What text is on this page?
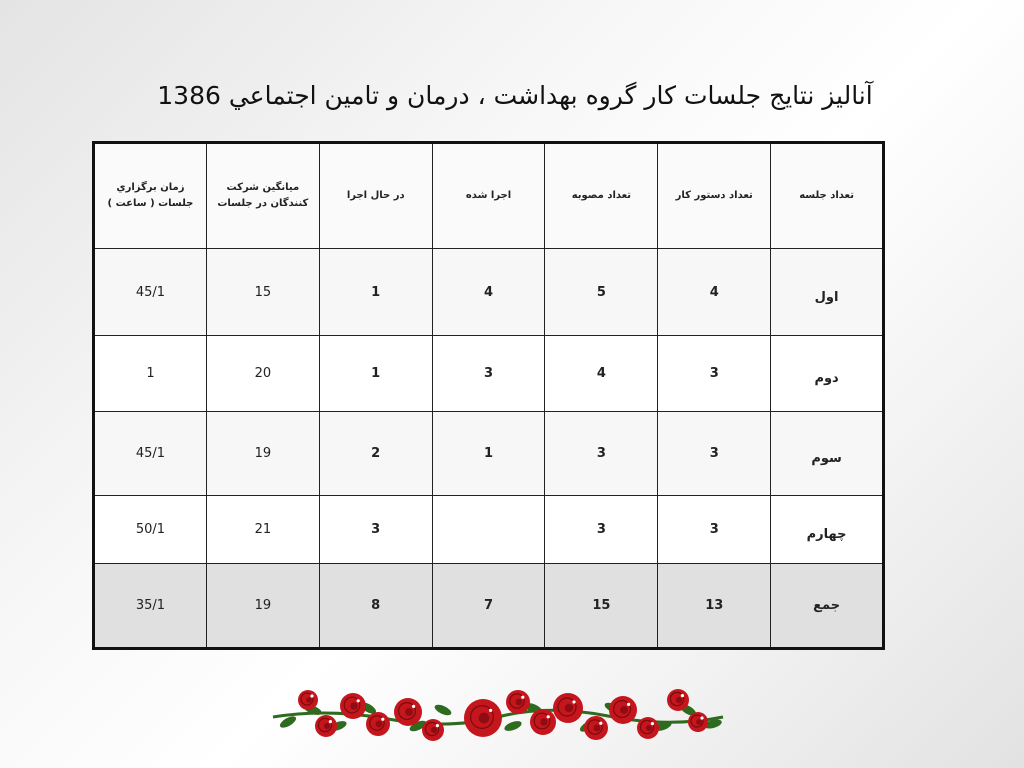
آناليز نتايج جلسات کار گروه بهداشت ، درمان و تامين اجتماعي 1386
تعداد جلسه	تعداد دستور کار	تعداد مصوبه	اجرا شده	در حال اجرا	ميانگين شرکت کنندگان در جلسات	زمان برگزاري جلسات ( ساعت )
اول	4	5	4	1	15	45/1
دوم	3	4	3	1	20	1
سوم	3	3	1	2	19	45/1
چهارم	3	3		3	21	50/1
جمع	13	15	7	8	19	35/1
